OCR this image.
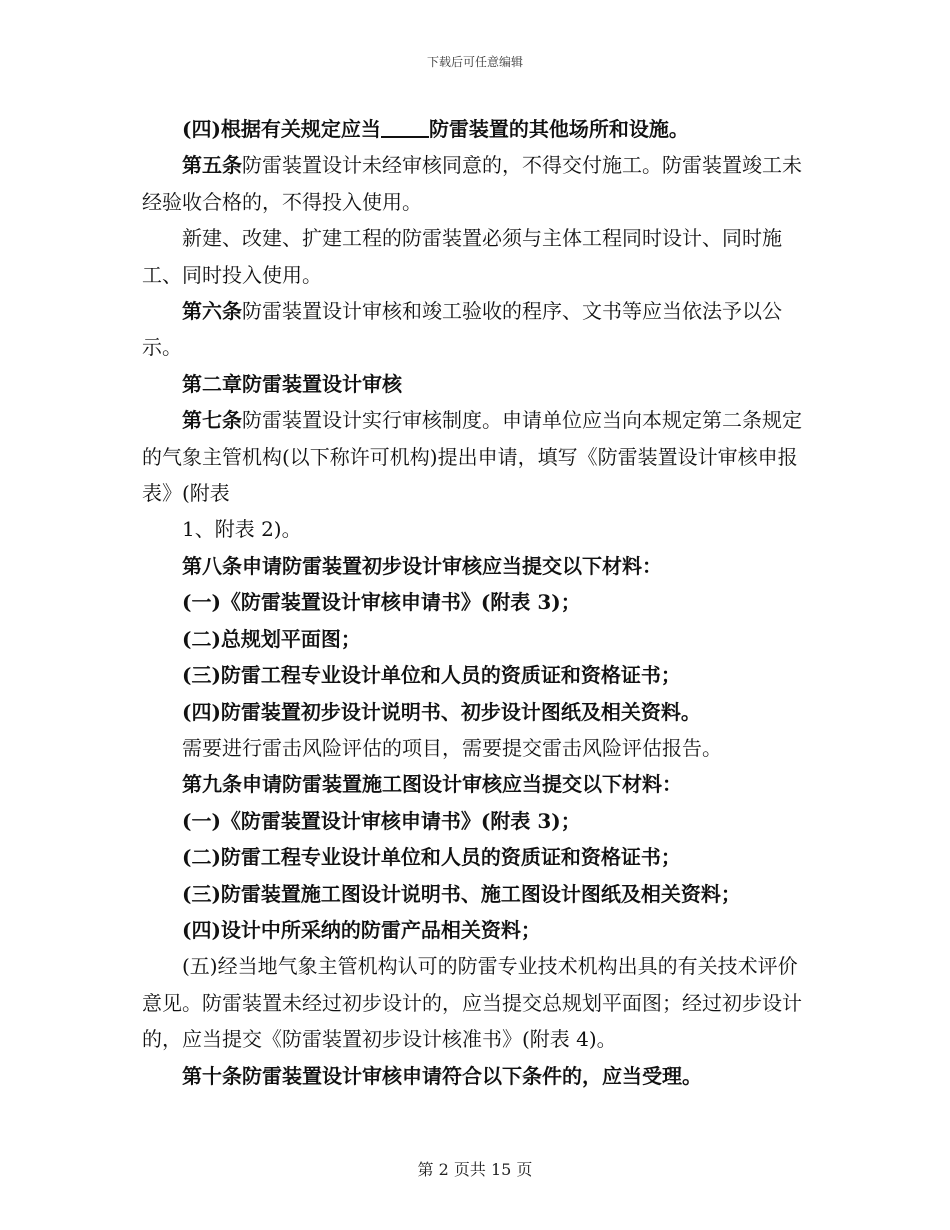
下载后可任意编辑

(四)根据有关规定应当 防雷装置的其他场所和设施。

第五条防雷装置设计未经审核同意的，不得交付施工。防雷装置竣工未经验收合格的，不得投入使用。

新建、改建、扩建工程的防雷装置必须与主体工程同时设计、同时施工、同时投入使用。

第六条防雷装置设计审核和竣工验收的程序、文书等应当依法予以公示。

第二章防雷装置设计审核

第七条防雷装置设计实行审核制度。申请单位应当向本规定第二条规定的气象主管机构(以下称许可机构)提出申请，填写《防雷装置设计审核申报表》(附表

1、附表 2)。

第八条申请防雷装置初步设计审核应当提交以下材料：

(一)《防雷装置设计审核申请书》(附表 3)；

(二)总规划平面图；

(三)防雷工程专业设计单位和人员的资质证和资格证书；

(四)防雷装置初步设计说明书、初步设计图纸及相关资料。

需要进行雷击风险评估的项目，需要提交雷击风险评估报告。

第九条申请防雷装置施工图设计审核应当提交以下材料：

(一)《防雷装置设计审核申请书》(附表 3)；

(二)防雷工程专业设计单位和人员的资质证和资格证书；

(三)防雷装置施工图设计说明书、施工图设计图纸及相关资料；

(四)设计中所采纳的防雷产品相关资料；

(五)经当地气象主管机构认可的防雷专业技术机构出具的有关技术评价意见。防雷装置未经过初步设计的，应当提交总规划平面图；经过初步设计的，应当提交《防雷装置初步设计核准书》(附表 4)。

第十条防雷装置设计审核申请符合以下条件的，应当受理。

第 2 页共 15 页
